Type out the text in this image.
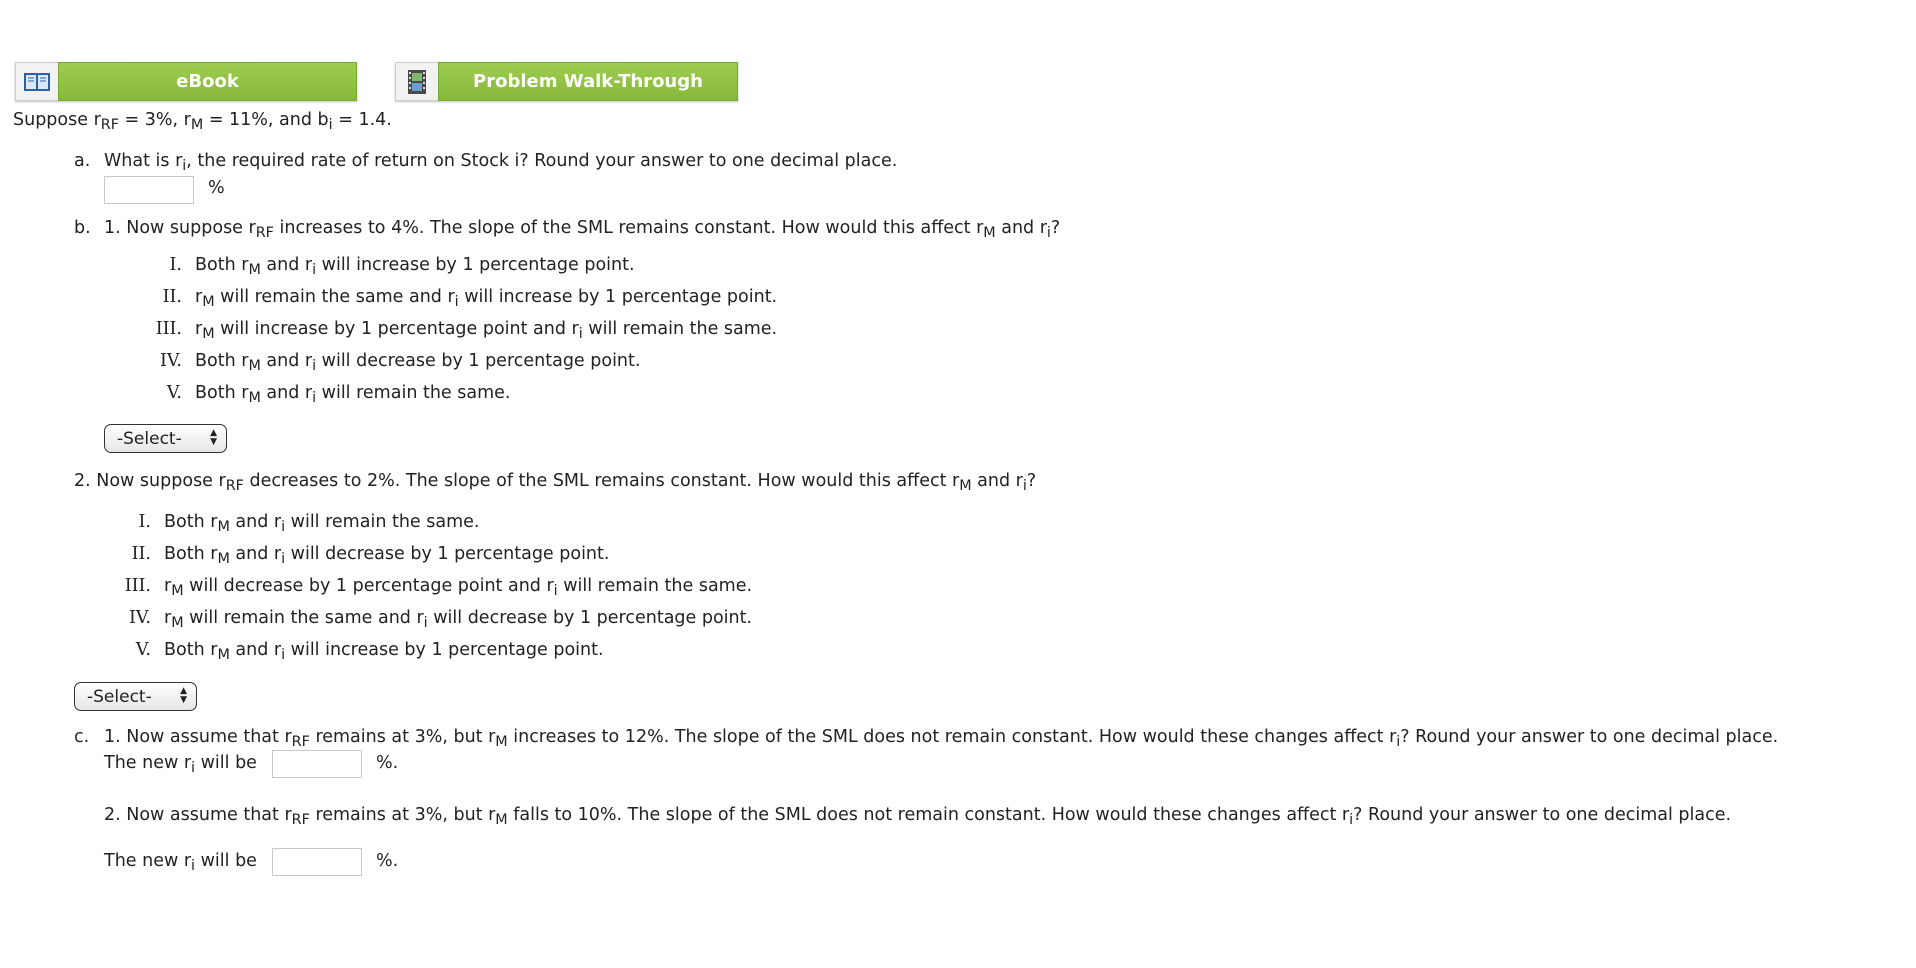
eBook	Problem Walk-Through
Suppose $r_{RF} = 3\%$, $r_M = 11\%$, and $b_i = 1.4$.
a. What is $r_i$, the required rate of return on Stock i? Round your answer to one decimal place.
%
b. 1. Now suppose $r_{RF}$ increases to 4%. The slope of the SML remains constant. How would this affect $r_M$ and $r_i$?
I. Both $r_M$ and $r_i$ will increase by 1 percentage point.
II. $r_M$ will remain the same and $r_i$ will increase by 1 percentage point.
III. $r_M$ will increase by 1 percentage point and $r_i$ will remain the same.
IV. Both $r_M$ and $r_i$ will decrease by 1 percentage point.
V. Both $r_M$ and $r_i$ will remain the same.
-Select-	▲
▼
2. Now suppose $r_{RF}$ decreases to 2%. The slope of the SML remains constant. How would this affect $r_M$ and $r_i$?
I. Both $r_M$ and $r_i$ will remain the same.
II. Both $r_M$ and $r_i$ will decrease by 1 percentage point.
III. $r_M$ will decrease by 1 percentage point and $r_i$ will remain the same.
IV. $r_M$ will remain the same and $r_i$ will decrease by 1 percentage point.
V. Both $r_M$ and $r_i$ will increase by 1 percentage point.
-Select-	▲
▼
c. 1. Now assume that $r_{RF}$ remains at 3%, but $r_M$ increases to 12%. The slope of the SML does not remain constant. How would these changes affect $r_i$? Round your answer to one decimal place.
The new $r_i$ will be	%.
2. Now assume that $r_{RF}$ remains at 3%, but $r_M$ falls to 10%. The slope of the SML does not remain constant. How would these changes affect $r_i$? Round your answer to one decimal place.
The new $r_i$ will be	%.
